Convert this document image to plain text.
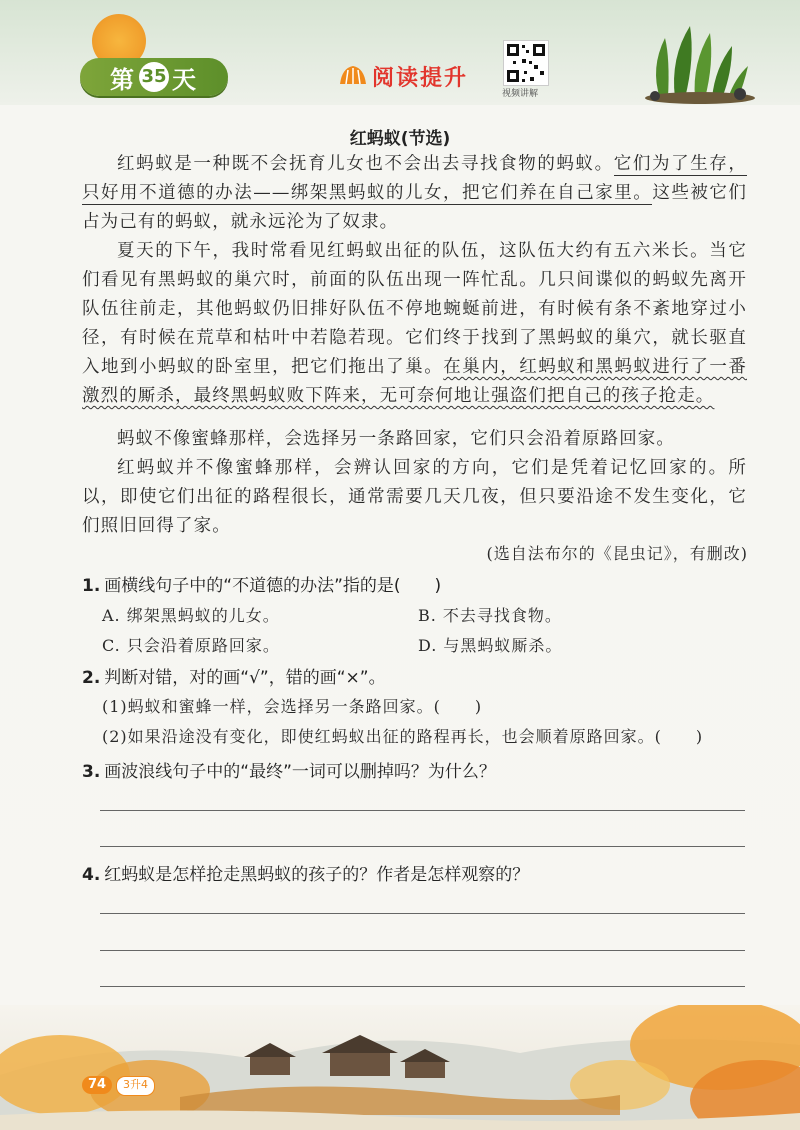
第 35 天	阅读提升
视频讲解
红蚂蚁(节选)
红蚂蚁是一种既不会抚育儿女也不会出去寻找食物的蚂蚁。它们为了生存，只好用不道德的办法——绑架黑蚂蚁的儿女，把它们养在自己家里。这些被它们占为己有的蚂蚁，就永远沦为了奴隶。
夏天的下午，我时常看见红蚂蚁出征的队伍，这队伍大约有五六米长。当它们看见有黑蚂蚁的巢穴时，前面的队伍出现一阵忙乱。几只间谍似的蚂蚁先离开队伍往前走，其他蚂蚁仍旧排好队伍不停地蜿蜒前进，有时候有条不紊地穿过小径，有时候在荒草和枯叶中若隐若现。它们终于找到了黑蚂蚁的巢穴，就长驱直入地到小蚂蚁的卧室里，把它们拖出了巢。在巢内，红蚂蚁和黑蚂蚁进行了一番激烈的厮杀，最终黑蚂蚁败下阵来，无可奈何地让强盗们把自己的孩子抢走。
蚂蚁不像蜜蜂那样，会选择另一条路回家，它们只会沿着原路回家。
红蚂蚁并不像蜜蜂那样，会辨认回家的方向，它们是凭着记忆回家的。所以，即使它们出征的路程很长，通常需要几天几夜，但只要沿途不发生变化，它们照旧回得了家。
(选自法布尔的《昆虫记》，有删改)
1. 画横线句子中的“不道德的办法”指的是(　　)
A. 绑架黑蚂蚁的儿女。	B. 不去寻找食物。
C. 只会沿着原路回家。	D. 与黑蚂蚁厮杀。
2. 判断对错，对的画“√”，错的画“×”。
(1)蚂蚁和蜜蜂一样，会选择另一条路回家。(　　)
(2)如果沿途没有变化，即使红蚂蚁出征的路程再长，也会顺着原路回家。(　　)
3. 画波浪线句子中的“最终”一词可以删掉吗？为什么？
4. 红蚂蚁是怎样抢走黑蚂蚁的孩子的？作者是怎样观察的？
74	3升4
